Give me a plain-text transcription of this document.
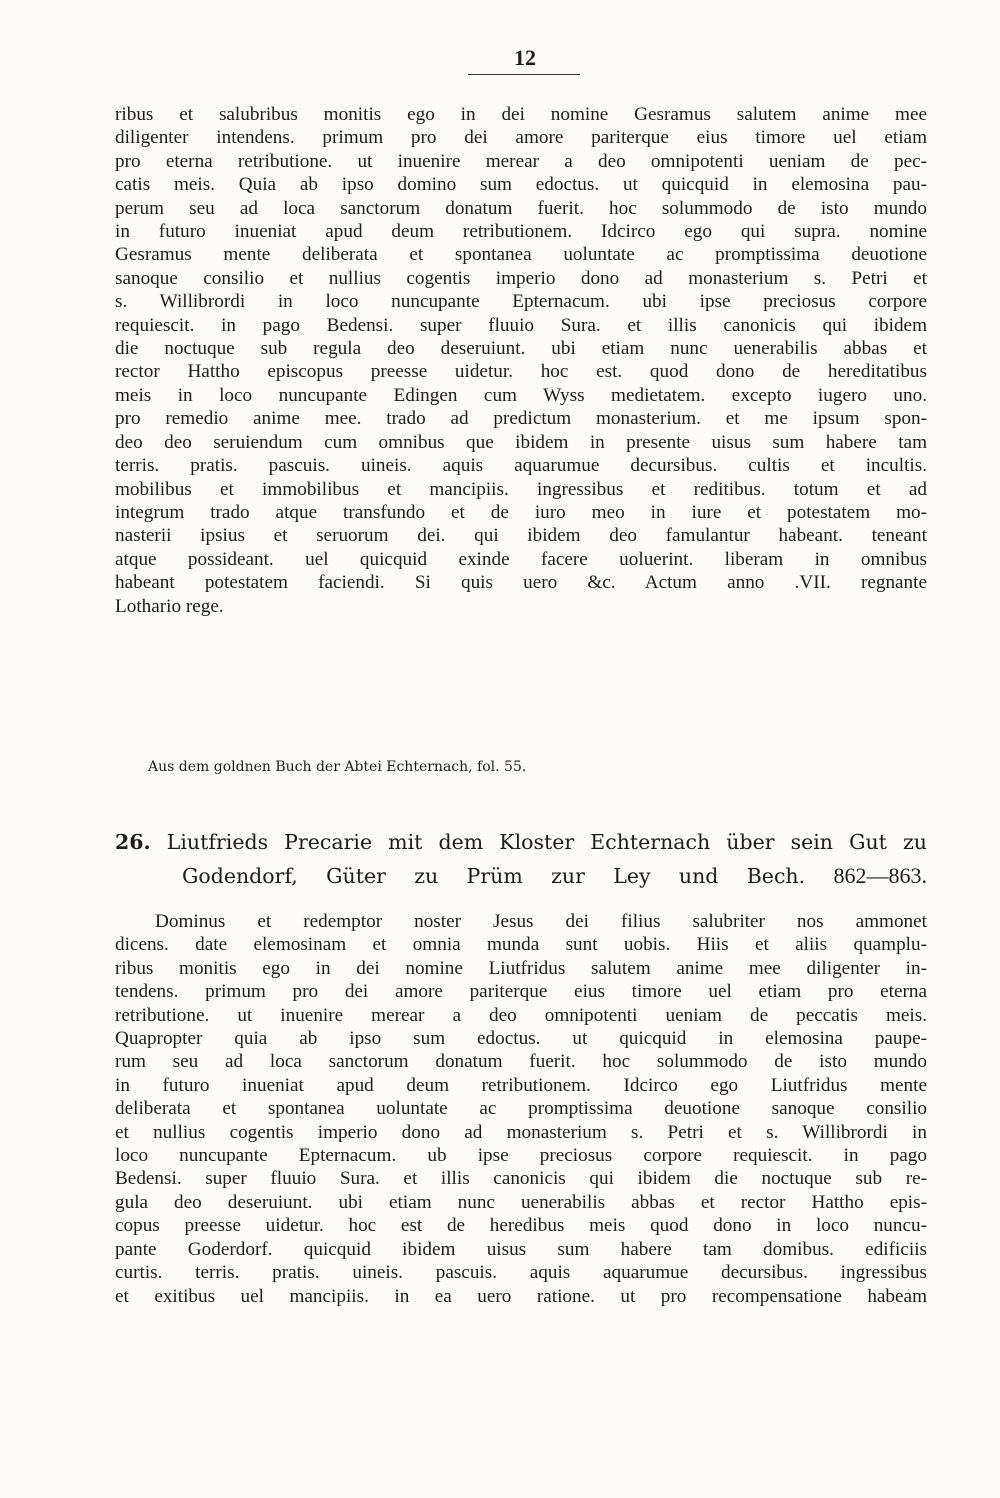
12
ribus et salubribus monitis ego in dei nomine Gesramus salutem anime mee
diligenter intendens. primum pro dei amore pariterque eius timore uel etiam
pro eterna retributione. ut inuenire merear a deo omnipotenti ueniam de pec-
catis meis. Quia ab ipso domino sum edoctus. ut quicquid in elemosina pau-
perum seu ad loca sanctorum donatum fuerit. hoc solummodo de isto mundo
in futuro inueniat apud deum retributionem. Idcirco ego qui supra. nomine
Gesramus mente deliberata et spontanea uoluntate ac promptissima deuotione
sanoque consilio et nullius cogentis imperio dono ad monasterium s. Petri et
s. Willibrordi in loco nuncupante Epternacum. ubi ipse preciosus corpore
requiescit. in pago Bedensi. super fluuio Sura. et illis canonicis qui ibidem
die noctuque sub regula deo deseruiunt. ubi etiam nunc uenerabilis abbas et
rector Hattho episcopus preesse uidetur. hoc est. quod dono de hereditatibus
meis in loco nuncupante Edingen cum Wyss medietatem. excepto iugero uno.
pro remedio anime mee. trado ad predictum monasterium. et me ipsum spon-
deo deo seruiendum cum omnibus que ibidem in presente uisus sum habere tam
terris. pratis. pascuis. uineis. aquis aquarumue decursibus. cultis et incultis.
mobilibus et immobilibus et mancipiis. ingressibus et reditibus. totum et ad
integrum trado atque transfundo et de iuro meo in iure et potestatem mo-
nasterii ipsius et seruorum dei. qui ibidem deo famulantur habeant. teneant
atque possideant. uel quicquid exinde facere uoluerint. liberam in omnibus
habeant potestatem faciendi. Si quis uero &c. Actum anno .VII. regnante
Lothario rege.

Aus dem goldnen Buch der Abtei Echternach, fol. 55.

26. Liutfrieds Precarie mit dem Kloster Echternach über sein Gut zu
Godendorf, Güter zu Prüm zur Ley und Bech. 862—863.
Dominus et redemptor noster Jesus dei filius salubriter nos ammonet
dicens. date elemosinam et omnia munda sunt uobis. Hiis et aliis quamplu-
ribus monitis ego in dei nomine Liutfridus salutem anime mee diligenter in-
tendens. primum pro dei amore pariterque eius timore uel etiam pro eterna
retributione. ut inuenire merear a deo omnipotenti ueniam de peccatis meis.
Quapropter quia ab ipso sum edoctus. ut quicquid in elemosina paupe-
rum seu ad loca sanctorum donatum fuerit. hoc solummodo de isto mundo
in futuro inueniat apud deum retributionem. Idcirco ego Liutfridus mente
deliberata et spontanea uoluntate ac promptissima deuotione sanoque consilio
et nullius cogentis imperio dono ad monasterium s. Petri et s. Willibrordi in
loco nuncupante Epternacum. ub ipse preciosus corpore requiescit. in pago
Bedensi. super fluuio Sura. et illis canonicis qui ibidem die noctuque sub re-
gula deo deseruiunt. ubi etiam nunc uenerabilis abbas et rector Hattho epis-
copus preesse uidetur. hoc est de heredibus meis quod dono in loco nuncu-
pante Goderdorf. quicquid ibidem uisus sum habere tam domibus. edificiis
curtis. terris. pratis. uineis. pascuis. aquis aquarumue decursibus. ingressibus
et exitibus uel mancipiis. in ea uero ratione. ut pro recompensatione habeam
